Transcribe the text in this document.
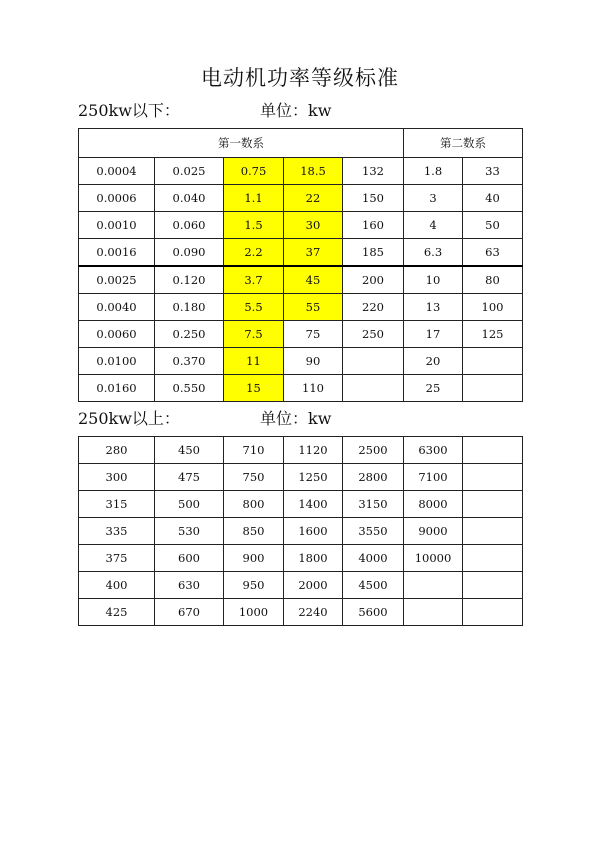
电动机功率等级标准
250kw以下：	单位：kw
第一数系					第二数系	
0.0004	0.025	0.75	18.5	132	1.8	33
0.0006	0.040	1.1	22	150	3	40
0.0010	0.060	1.5	30	160	4	50
0.0016	0.090	2.2	37	185	6.3	63
0.0025	0.120	3.7	45	200	10	80
0.0040	0.180	5.5	55	220	13	100
0.0060	0.250	7.5	75	250	17	125
0.0100	0.370	11	90		20	
0.0160	0.550	15	110		25	
250kw以上：	单位：kw
280	450	710	1120	2500	6300	
300	475	750	1250	2800	7100	
315	500	800	1400	3150	8000	
335	530	850	1600	3550	9000	
375	600	900	1800	4000	10000	
400	630	950	2000	4500		
425	670	1000	2240	5600		
